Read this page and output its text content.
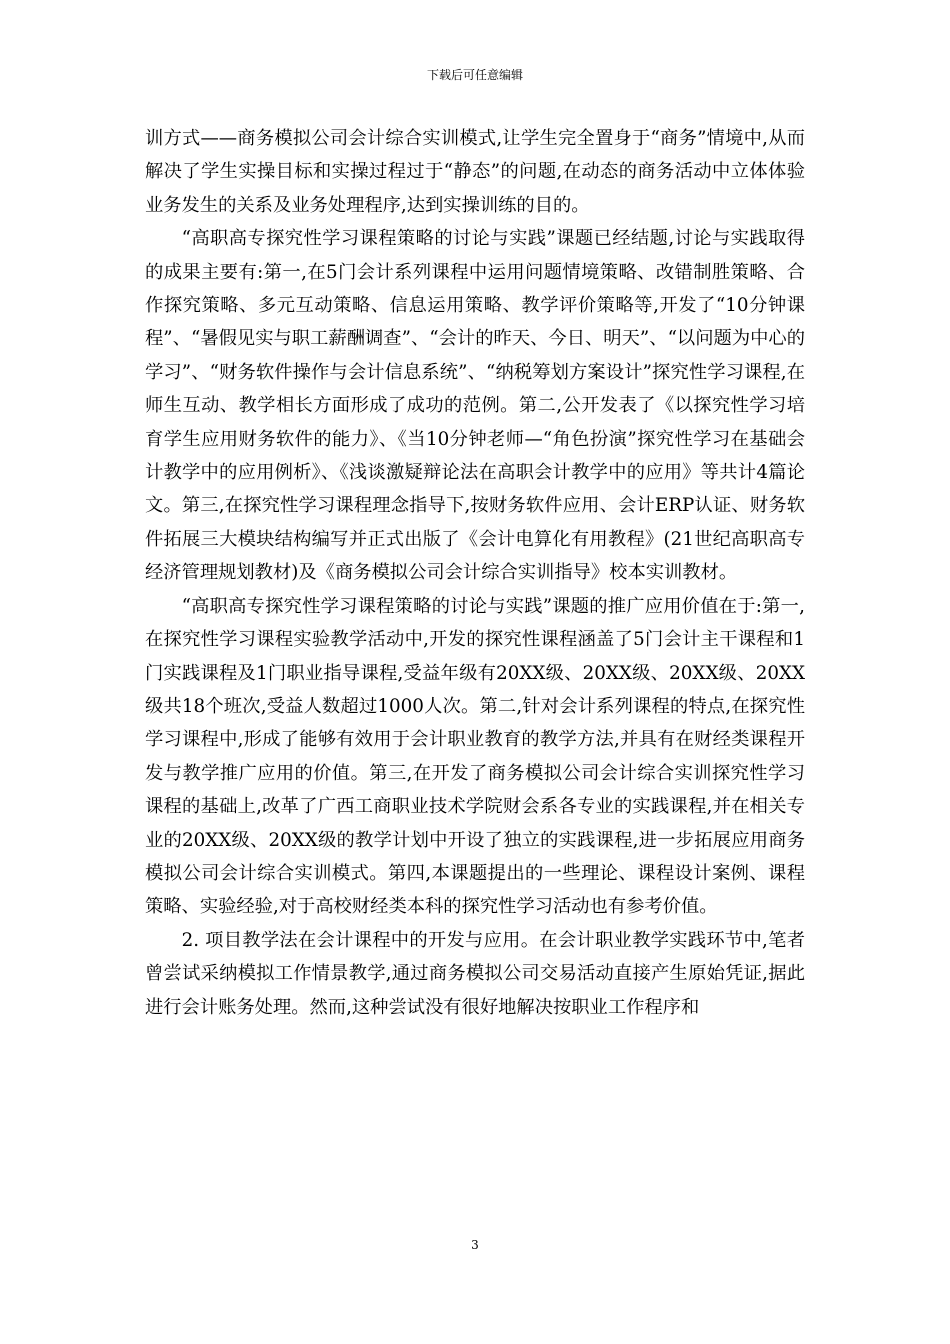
下载后可任意编辑

训方式——商务模拟公司会计综合实训模式,让学生完全置身于“商务”情境中,从而解决了学生实操目标和实操过程过于“静态”的问题,在动态的商务活动中立体体验业务发生的关系及业务处理程序,达到实操训练的目的。

“高职高专探究性学习课程策略的讨论与实践”课题已经结题,讨论与实践取得的成果主要有:第一,在5门会计系列课程中运用问题情境策略、改错制胜策略、合作探究策略、多元互动策略、信息运用策略、教学评价策略等,开发了“10分钟课程”、“暑假见实与职工薪酬调查”、“会计的昨天、今日、明天”、“以问题为中心的学习”、“财务软件操作与会计信息系统”、“纳税筹划方案设计”探究性学习课程,在师生互动、教学相长方面形成了成功的范例。第二,公开发表了《以探究性学习培育学生应用财务软件的能力》、《当10分钟老师—“角色扮演”探究性学习在基础会计教学中的应用例析》、《浅谈激疑辩论法在高职会计教学中的应用》等共计4篇论文。第三,在探究性学习课程理念指导下,按财务软件应用、会计ERP认证、财务软件拓展三大模块结构编写并正式出版了《会计电算化有用教程》(21世纪高职高专经济管理规划教材)及《商务模拟公司会计综合实训指导》校本实训教材。

“高职高专探究性学习课程策略的讨论与实践”课题的推广应用价值在于:第一,在探究性学习课程实验教学活动中,开发的探究性课程涵盖了5门会计主干课程和1门实践课程及1门职业指导课程,受益年级有20XX级、20XX级、20XX级、20XX级共18个班次,受益人数超过1000人次。第二,针对会计系列课程的特点,在探究性学习课程中,形成了能够有效用于会计职业教育的教学方法,并具有在财经类课程开发与教学推广应用的价值。第三,在开发了商务模拟公司会计综合实训探究性学习课程的基础上,改革了广西工商职业技术学院财会系各专业的实践课程,并在相关专业的20XX级、20XX级的教学计划中开设了独立的实践课程,进一步拓展应用商务模拟公司会计综合实训模式。第四,本课题提出的一些理论、课程设计案例、课程策略、实验经验,对于高校财经类本科的探究性学习活动也有参考价值。

2. 项目教学法在会计课程中的开发与应用。在会计职业教学实践环节中,笔者曾尝试采纳模拟工作情景教学,通过商务模拟公司交易活动直接产生原始凭证,据此进行会计账务处理。然而,这种尝试没有很好地解决按职业工作程序和

3
